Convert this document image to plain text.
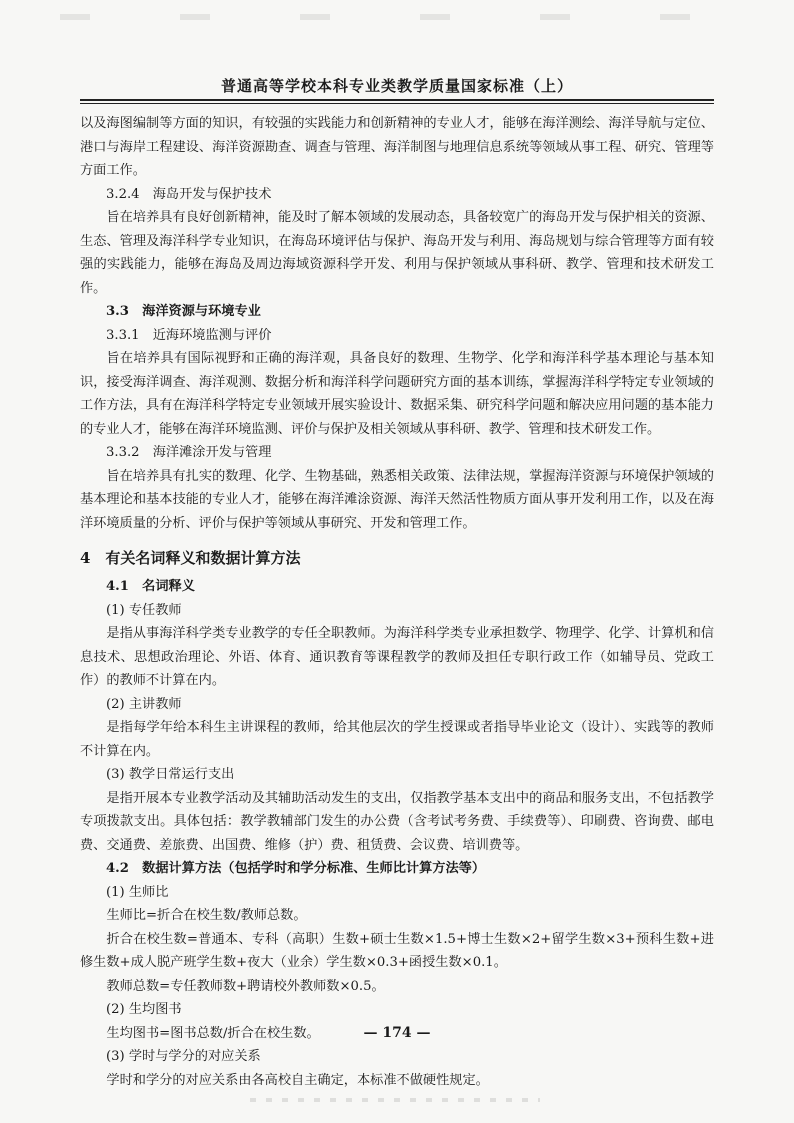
普通高等学校本科专业类教学质量国家标准（上）

以及海图编制等方面的知识，有较强的实践能力和创新精神的专业人才，能够在海洋测绘、海洋导航与定位、港口与海岸工程建设、海洋资源勘查、调查与管理、海洋制图与地理信息系统等领域从事工程、研究、管理等方面工作。

3.2.4　海岛开发与保护技术

旨在培养具有良好创新精神，能及时了解本领域的发展动态，具备较宽广的海岛开发与保护相关的资源、生态、管理及海洋科学专业知识，在海岛环境评估与保护、海岛开发与利用、海岛规划与综合管理等方面有较强的实践能力，能够在海岛及周边海域资源科学开发、利用与保护领域从事科研、教学、管理和技术研发工作。

3.3　海洋资源与环境专业

3.3.1　近海环境监测与评价

旨在培养具有国际视野和正确的海洋观，具备良好的数理、生物学、化学和海洋科学基本理论与基本知识，接受海洋调查、海洋观测、数据分析和海洋科学问题研究方面的基本训练，掌握海洋科学特定专业领域的工作方法，具有在海洋科学特定专业领域开展实验设计、数据采集、研究科学问题和解决应用问题的基本能力的专业人才，能够在海洋环境监测、评价与保护及相关领域从事科研、教学、管理和技术研发工作。

3.3.2　海洋滩涂开发与管理

旨在培养具有扎实的数理、化学、生物基础，熟悉相关政策、法律法规，掌握海洋资源与环境保护领域的基本理论和基本技能的专业人才，能够在海洋滩涂资源、海洋天然活性物质方面从事开发利用工作，以及在海洋环境质量的分析、评价与保护等领域从事研究、开发和管理工作。

4　有关名词释义和数据计算方法

4.1　名词释义

(1) 专任教师

是指从事海洋科学类专业教学的专任全职教师。为海洋科学类专业承担数学、物理学、化学、计算机和信息技术、思想政治理论、外语、体育、通识教育等课程教学的教师及担任专职行政工作（如辅导员、党政工作）的教师不计算在内。

(2) 主讲教师

是指每学年给本科生主讲课程的教师，给其他层次的学生授课或者指导毕业论文（设计）、实践等的教师不计算在内。

(3) 教学日常运行支出

是指开展本专业教学活动及其辅助活动发生的支出，仅指教学基本支出中的商品和服务支出，不包括教学专项拨款支出。具体包括：教学教辅部门发生的办公费（含考试考务费、手续费等）、印刷费、咨询费、邮电费、交通费、差旅费、出国费、维修（护）费、租赁费、会议费、培训费等。

4.2　数据计算方法（包括学时和学分标准、生师比计算方法等）

(1) 生师比

生师比=折合在校生数/教师总数。

折合在校生数=普通本、专科（高职）生数+硕士生数×1.5+博士生数×2+留学生数×3+预科生数+进修生数+成人脱产班学生数+夜大（业余）学生数×0.3+函授生数×0.1。

教师总数=专任教师数+聘请校外教师数×0.5。

(2) 生均图书

生均图书=图书总数/折合在校生数。

(3) 学时与学分的对应关系

学时和学分的对应关系由各高校自主确定，本标准不做硬性规定。

— 174 —
